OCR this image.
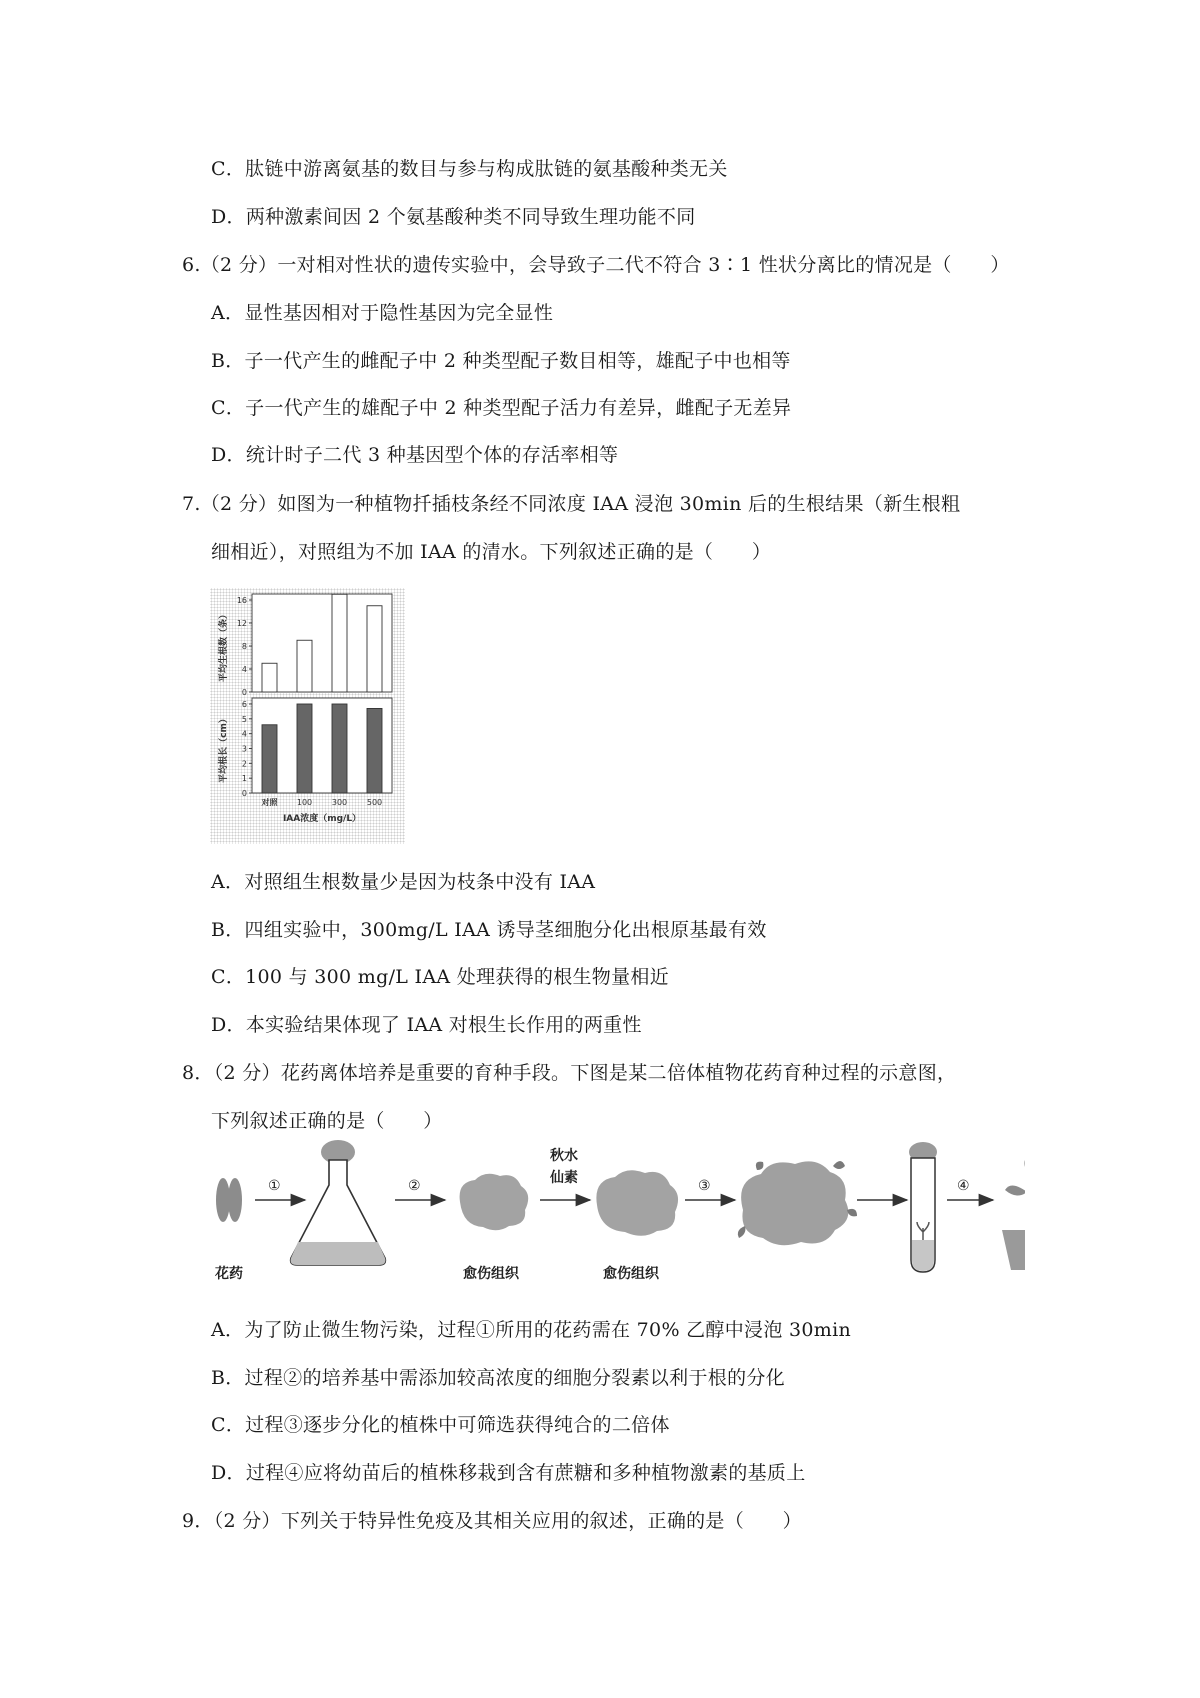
C．肽链中游离氨基的数目与参与构成肽链的氨基酸种类无关
D．两种激素间因 2 个氨基酸种类不同导致生理功能不同
6.（2 分）一对相对性状的遗传实验中，会导致子二代不符合 3∶1 性状分离比的情况是（　　）
A．显性基因相对于隐性基因为完全显性
B．子一代产生的雌配子中 2 种类型配子数目相等，雄配子中也相等
C．子一代产生的雄配子中 2 种类型配子活力有差异，雌配子无差异
D．统计时子二代 3 种基因型个体的存活率相等
7.（2 分）如图为一种植物扦插枝条经不同浓度 IAA 浸泡 30min 后的生根结果（新生根粗
细相近），对照组为不加 IAA 的清水。下列叙述正确的是（　　）
0
4
8
12
16
平均生根数（条）
0
1
2
3
4
5
6
平均根长（cm）
对照 100 300 500
IAA浓度（mg/L）
A．对照组生根数量少是因为枝条中没有 IAA
B．四组实验中，300mg/L IAA 诱导茎细胞分化出根原基最有效
C．100 与 300 mg/L IAA 处理获得的根生物量相近
D．本实验结果体现了 IAA 对根生长作用的两重性
8．（2 分）花药离体培养是重要的育种手段。下图是某二倍体植物花药育种过程的示意图，
下列叙述正确的是（　　）
花药
①	②
愈伤组织
秋水
仙素
愈伤组织
③	④
A．为了防止微生物污染，过程①所用的花药需在 70% 乙醇中浸泡 30min
B．过程②的培养基中需添加较高浓度的细胞分裂素以利于根的分化
C．过程③逐步分化的植株中可筛选获得纯合的二倍体
D．过程④应将幼苗后的植株移栽到含有蔗糖和多种植物激素的基质上
9．（2 分）下列关于特异性免疫及其相关应用的叙述，正确的是（　　）
